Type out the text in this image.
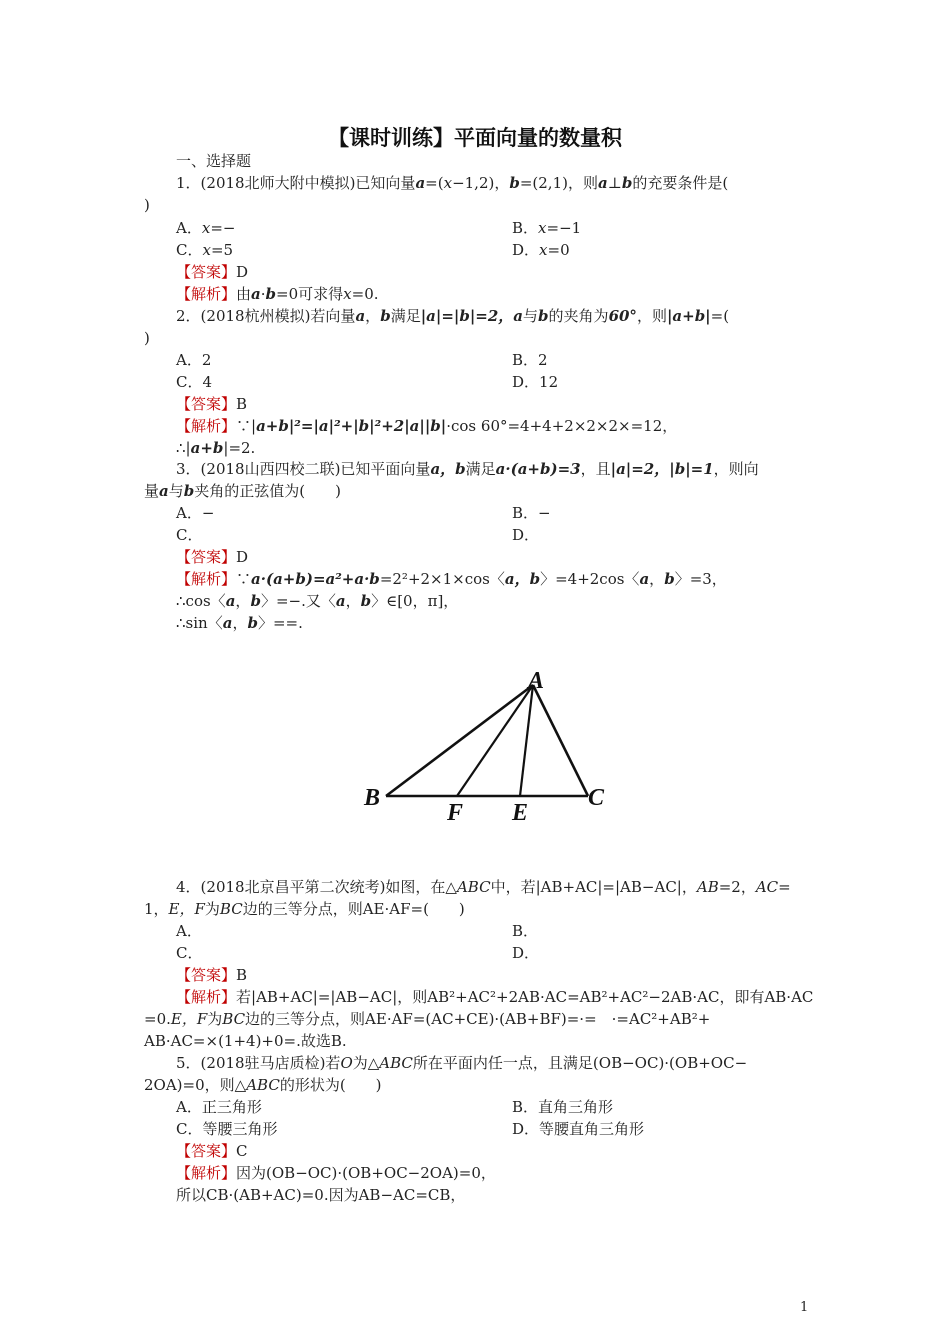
【课时训练】平面向量的数量积
一、选择题
1．(2018北师大附中模拟)已知向量a=(x−1,2)，b=(2,1)，则a⊥b的充要条件是(
)
A．x=−	B．x=−1
C．x=5	D．x=0
【答案】D
【解析】由a·b=0可求得x=0.
2．(2018杭州模拟)若向量a，b满足|a|=|b|=2，a与b的夹角为60°，则|a+b|=(
)
A．2	B．2
C．4	D．12
【答案】B
【解析】∵|a+b|²=|a|²+|b|²+2|a||b|·cos 60°=4+4+2×2×2×=12，
∴|a+b|=2.
3．(2018山西四校二联)已知平面向量a，b满足a·(a+b)=3，且|a|=2，|b|=1，则向
量a与b夹角的正弦值为(　　)
A．−	B．−
C．	D．
【答案】D
【解析】∵a·(a+b)=a²+a·b=2²+2×1×cos〈a，b〉=4+2cos〈a，b〉=3，
∴cos〈a，b〉=−.又〈a，b〉∈[0，π]，
∴sin〈a，b〉==.
A
B	C
E
F
4．(2018北京昌平第二次统考)如图，在△ABC中，若|AB+AC|=|AB−AC|，AB=2，AC=
1，E，F为BC边的三等分点，则AE·AF=(　　)
A．	B．
C．	D．
【答案】B
【解析】若|AB+AC|=|AB−AC|，则AB²+AC²+2AB·AC=AB²+AC²−2AB·AC，即有AB·AC
=0.E，F为BC边的三等分点，则AE·AF=(AC+CE)·(AB+BF)=·=　·=AC²+AB²+
AB·AC=×(1+4)+0=.故选B.
5．(2018驻马店质检)若O为△ABC所在平面内任一点，且满足(OB−OC)·(OB+OC−
2OA)=0，则△ABC的形状为(　　)
A．正三角形	B．直角三角形
C．等腰三角形	D．等腰直角三角形
【答案】C
【解析】因为(OB−OC)·(OB+OC−2OA)=0，
所以CB·(AB+AC)=0.因为AB−AC=CB，
1
